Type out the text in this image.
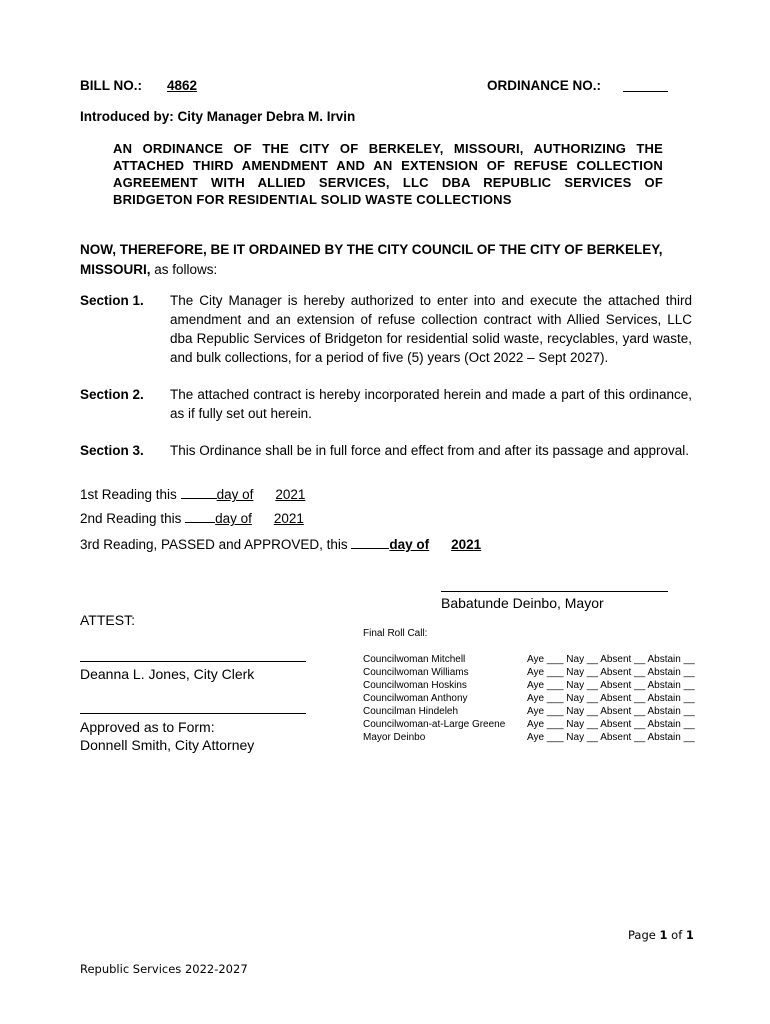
BILL NO.: 4862	ORDINANCE NO.:
Introduced by: City Manager Debra M. Irvin
AN ORDINANCE OF THE CITY OF BERKELEY, MISSOURI, AUTHORIZING THE ATTACHED THIRD AMENDMENT AND AN EXTENSION OF REFUSE COLLECTION AGREEMENT WITH ALLIED SERVICES, LLC DBA REPUBLIC SERVICES OF BRIDGETON FOR RESIDENTIAL SOLID WASTE COLLECTIONS
NOW, THEREFORE, BE IT ORDAINED BY THE CITY COUNCIL OF THE CITY OF BERKELEY, MISSOURI, as follows:
Section 1. The City Manager is hereby authorized to enter into and execute the attached third amendment and an extension of refuse collection contract with Allied Services, LLC dba Republic Services of Bridgeton for residential solid waste, recyclables, yard waste, and bulk collections, for a period of five (5) years (Oct 2022 – Sept 2027).
Section 2. The attached contract is hereby incorporated herein and made a part of this ordinance, as if fully set out herein.
Section 3. This Ordinance shall be in full force and effect from and after its passage and approval.
1st Reading this	day of 2021
2nd Reading this	day of 2021
3rd Reading, PASSED and APPROVED, this	day of 2021
Babatunde Deinbo, Mayor
ATTEST:
Deanna L. Jones, City Clerk
Approved as to Form:
Donnell Smith, City Attorney
Final Roll Call:
Councilwoman Mitchell	Aye ___ Nay __ Absent __ Abstain __
Councilwoman Williams	Aye ___ Nay __ Absent __ Abstain __
Councilwoman Hoskins	Aye ___ Nay __ Absent __ Abstain __
Councilwoman Anthony	Aye ___ Nay __ Absent __ Abstain __
Councilman Hindeleh	Aye ___ Nay __ Absent __ Abstain __
Councilwoman-at-Large Greene	Aye ___ Nay __ Absent __ Abstain __
Mayor Deinbo	Aye ___ Nay __ Absent __ Abstain __
Page 1 of 1
Republic Services 2022-2027
